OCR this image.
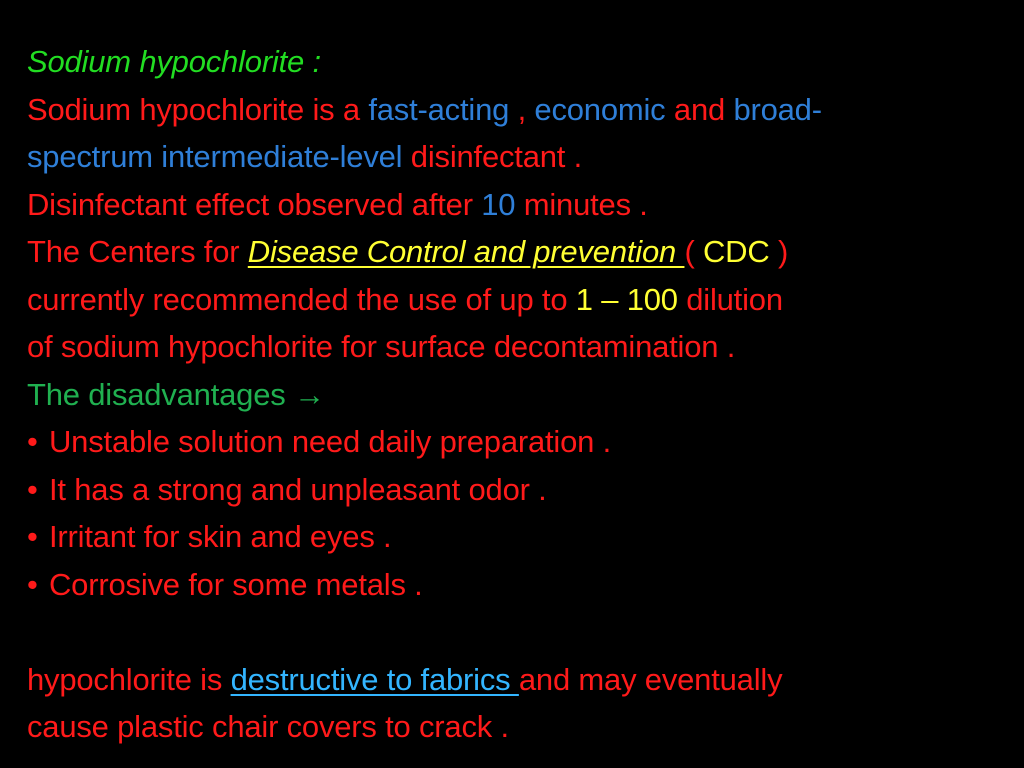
Sodium hypochlorite :
Sodium hypochlorite is a fast-acting , economic and broad-
spectrum intermediate-level disinfectant .
Disinfectant effect observed after 10 minutes .
The Centers for Disease Control and prevention ( CDC )
currently recommended the use of up to 1 – 100 dilution
of sodium hypochlorite for surface decontamination .
The disadvantages →
• Unstable solution need daily preparation .
• It has a strong and unpleasant odor .
• Irritant for skin and eyes .
• Corrosive for some metals .
hypochlorite is destructive to fabrics and may eventually
cause plastic chair covers to crack .
